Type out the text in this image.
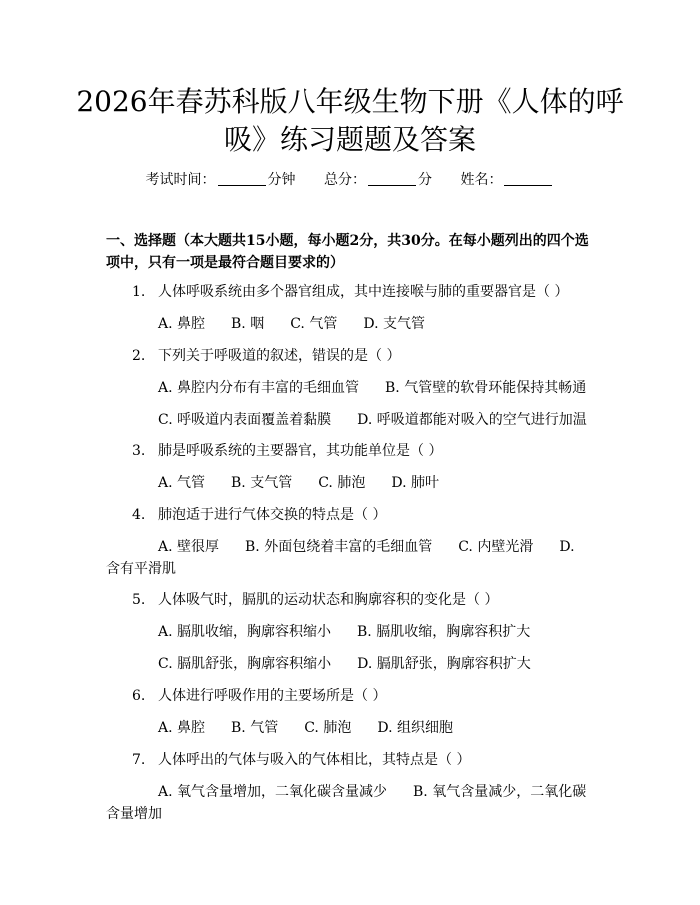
2026年春苏科版八年级生物下册《人体的呼
吸》练习题题及答案
考试时间：	分钟 总分：	分 姓名：
一、选择题（本大题共15小题，每小题2分，共30分。在每小题列出的四个选项中，只有一项是最符合题目要求的）
1. 人体呼吸系统由多个器官组成，其中连接喉与肺的重要器官是（ ）
A. 鼻腔 B. 咽 C. 气管 D. 支气管
2. 下列关于呼吸道的叙述，错误的是（ ）
A. 鼻腔内分布有丰富的毛细血管 B. 气管壁的软骨环能保持其畅通
C. 呼吸道内表面覆盖着黏膜 D. 呼吸道都能对吸入的空气进行加温
3. 肺是呼吸系统的主要器官，其功能单位是（ ）
A. 气管 B. 支气管 C. 肺泡 D. 肺叶
4. 肺泡适于进行气体交换的特点是（ ）
A. 壁很厚 B. 外面包绕着丰富的毛细血管 C. 内壁光滑 D.
含有平滑肌
5. 人体吸气时，膈肌的运动状态和胸廓容积的变化是（ ）
A. 膈肌收缩，胸廓容积缩小 B. 膈肌收缩，胸廓容积扩大
C. 膈肌舒张，胸廓容积缩小 D. 膈肌舒张，胸廓容积扩大
6. 人体进行呼吸作用的主要场所是（ ）
A. 鼻腔 B. 气管 C. 肺泡 D. 组织细胞
7. 人体呼出的气体与吸入的气体相比，其特点是（ ）
A. 氧气含量增加，二氧化碳含量减少 B. 氧气含量减少，二氧化碳
含量增加
